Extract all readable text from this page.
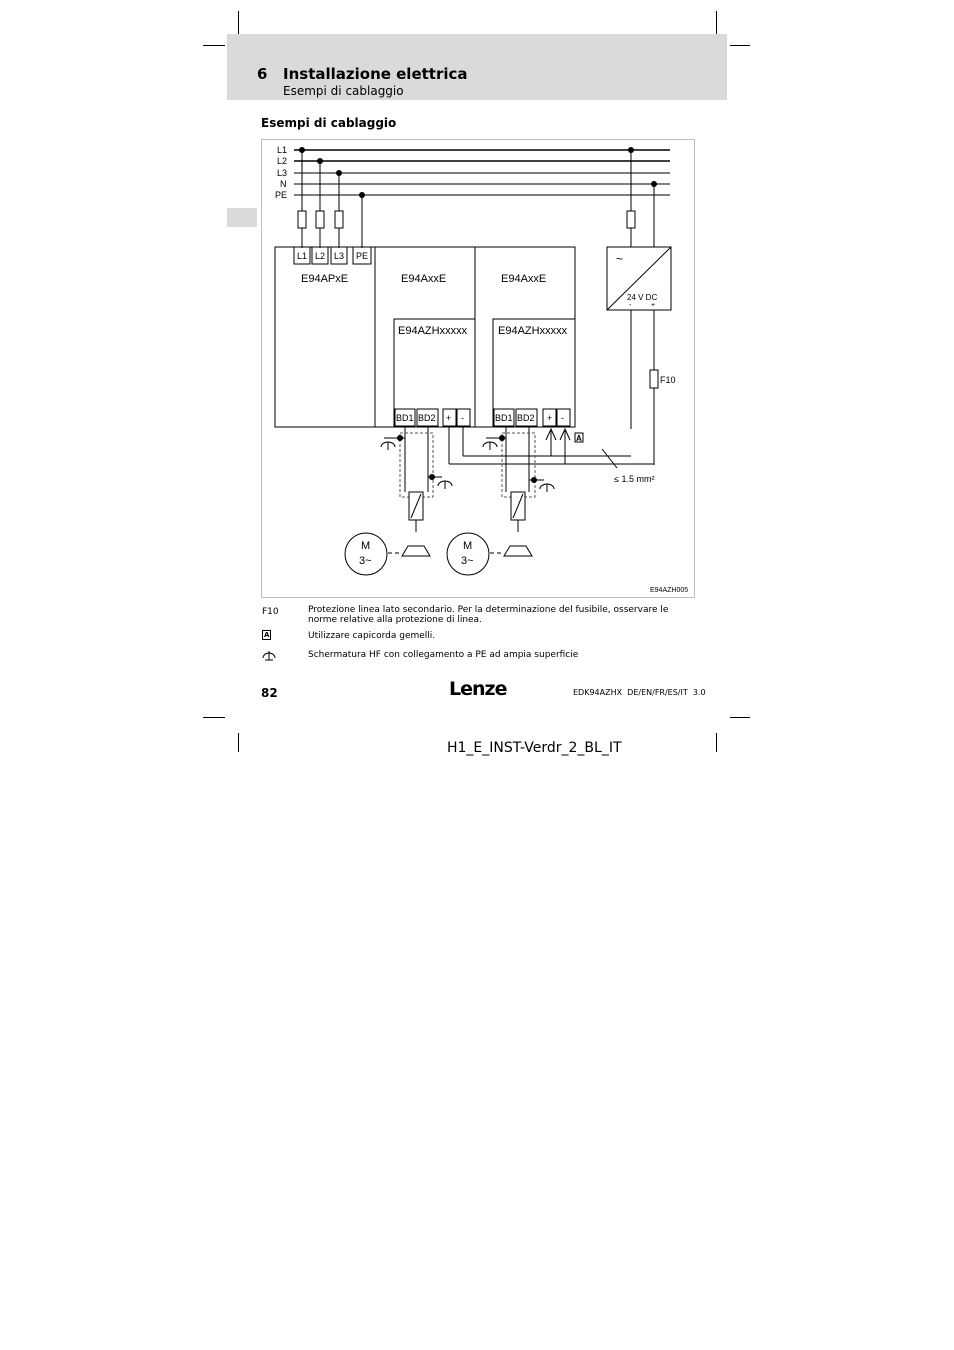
6 Installazione elettrica
Esempi di cablaggio
Esempi di cablaggio
L1
L2
L3
N
PE
L1 L2 L3 PE
E94APxE	E94AxxE	E94AxxE
E94AZHxxxxx	E94AZHxxxxx
BD1 BD2 + -	BD1 BD2 + -
~
24 V DC
-	+
F10
A
≤ 1.5 mm²
M
3~
M
3~
E94AZH005
F10	Protezione linea lato secondario. Per la determinazione del fusibile, osservare le norme relative alla protezione di linea.
A	Utilizzare capicorda gemelli.
Schermatura HF con collegamento a PE ad ampia superficie
82	Lenze	EDK94AZHX  DE/EN/FR/ES/IT  3.0
H1_E_INST-Verdr_2_BL_IT
